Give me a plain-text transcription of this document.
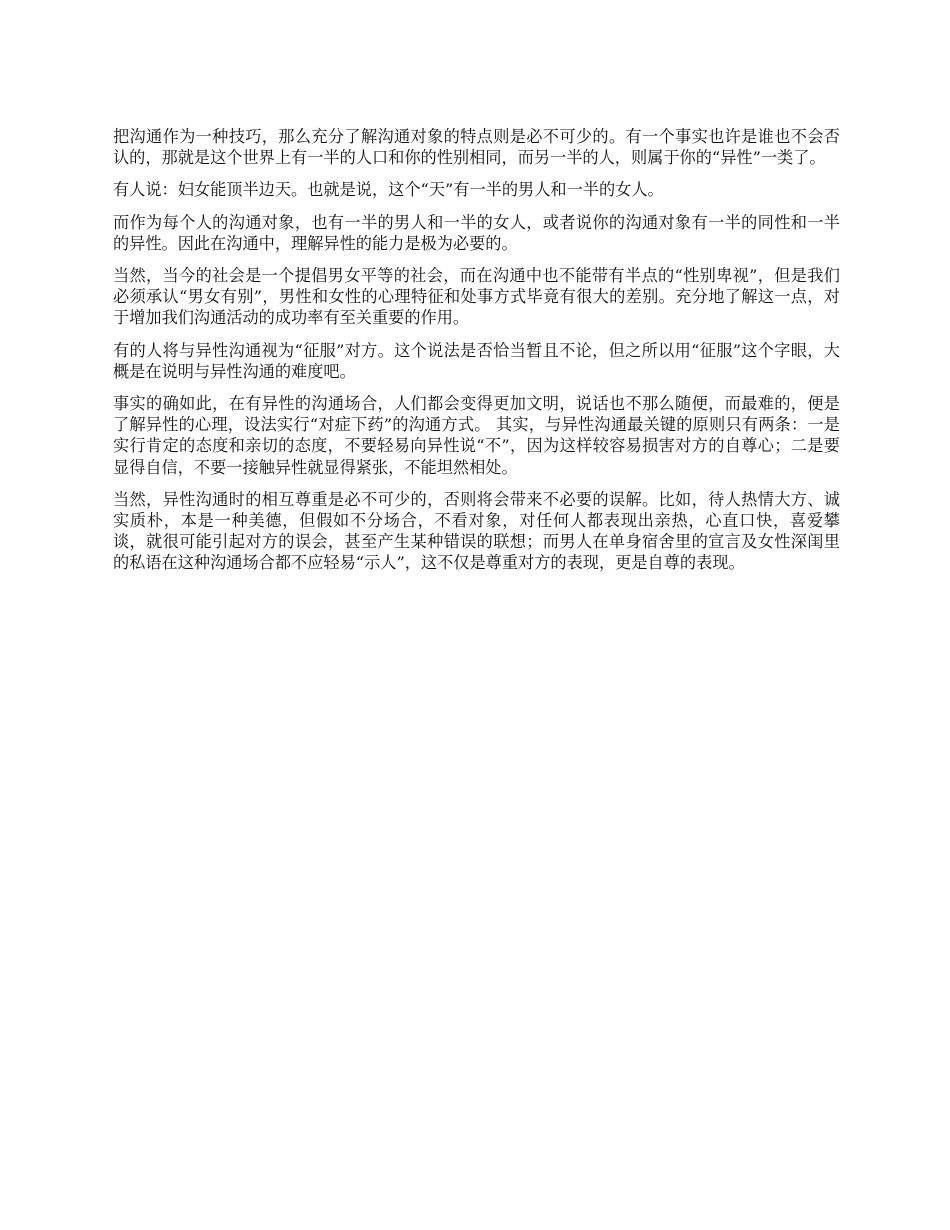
把沟通作为一种技巧，那么充分了解沟通对象的特点则是必不可少的。有一个事实也许是谁也不会否认的，那就是这个世界上有一半的人口和你的性别相同，而另一半的人，则属于你的“异性”一类了。

有人说：妇女能顶半边天。也就是说，这个“天”有一半的男人和一半的女人。

而作为每个人的沟通对象，也有一半的男人和一半的女人，或者说你的沟通对象有一半的同性和一半的异性。因此在沟通中，理解异性的能力是极为必要的。

当然，当今的社会是一个提倡男女平等的社会，而在沟通中也不能带有半点的“性别卑视”，但是我们必须承认“男女有别”，男性和女性的心理特征和处事方式毕竟有很大的差别。充分地了解这一点，对于增加我们沟通活动的成功率有至关重要的作用。

有的人将与异性沟通视为“征服”对方。这个说法是否恰当暂且不论，但之所以用“征服”这个字眼，大概是在说明与异性沟通的难度吧。

事实的确如此，在有异性的沟通场合，人们都会变得更加文明，说话也不那么随便，而最难的，便是了解异性的心理，设法实行“对症下药”的沟通方式。 其实，与异性沟通最关键的原则只有两条：一是实行肯定的态度和亲切的态度，不要轻易向异性说“不”，因为这样较容易损害对方的自尊心；二是要显得自信，不要一接触异性就显得紧张，不能坦然相处。

当然，异性沟通时的相互尊重是必不可少的，否则将会带来不必要的误解。比如，待人热情大方、诚实质朴，本是一种美德，但假如不分场合，不看对象，对任何人都表现出亲热，心直口快，喜爱攀谈，就很可能引起对方的误会，甚至产生某种错误的联想；而男人在单身宿舍里的宣言及女性深闺里的私语在这种沟通场合都不应轻易“示人”，这不仅是尊重对方的表现，更是自尊的表现。
